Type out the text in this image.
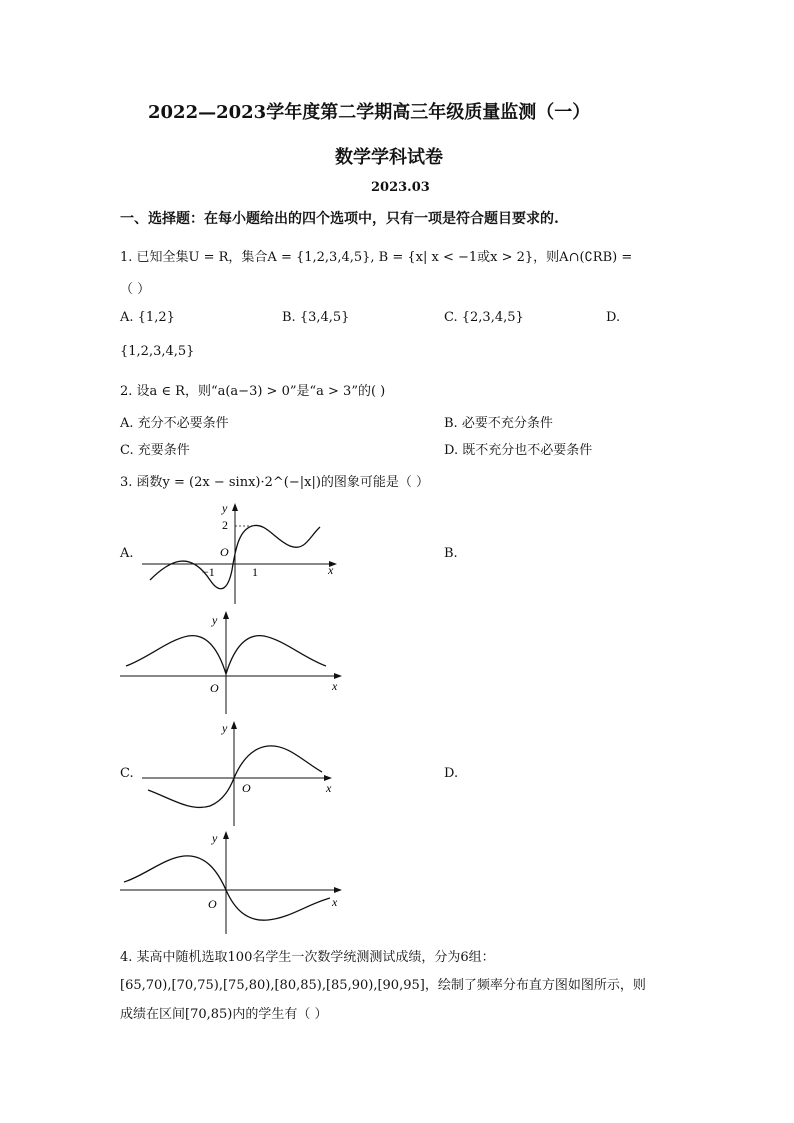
2022—2023学年度第二学期高三年级质量监测（一）
数学学科试卷
2023.03
一、选择题：在每小题给出的四个选项中，只有一项是符合题目要求的.
1. 已知全集U = R，集合A = {1,2,3,4,5}, B = {x| x < −1或x > 2}，则A∩(∁RB) =
（ ）
A. {1,2}	B. {3,4,5}	C. {2,3,4,5}	D.
{1,2,3,4,5}
2. 设a ∈ R，则“a(a−3) > 0”是“a > 3”的( )
A. 充分不必要条件	B. 必要不充分条件
C. 充要条件	D. 既不充分也不必要条件
3. 函数y = (2x − sinx)·2^(−|x|)的图象可能是（ ）
A.	B.
y
2
O
−1	1	x
y
O	x
C.	D.
y
O	x
y
O	x
4. 某高中随机选取100名学生一次数学统测测试成绩，分为6组：
[65,70),[70,75),[75,80),[80,85),[85,90),[90,95]，绘制了频率分布直方图如图所示，则
成绩在区间[70,85)内的学生有（ ）
